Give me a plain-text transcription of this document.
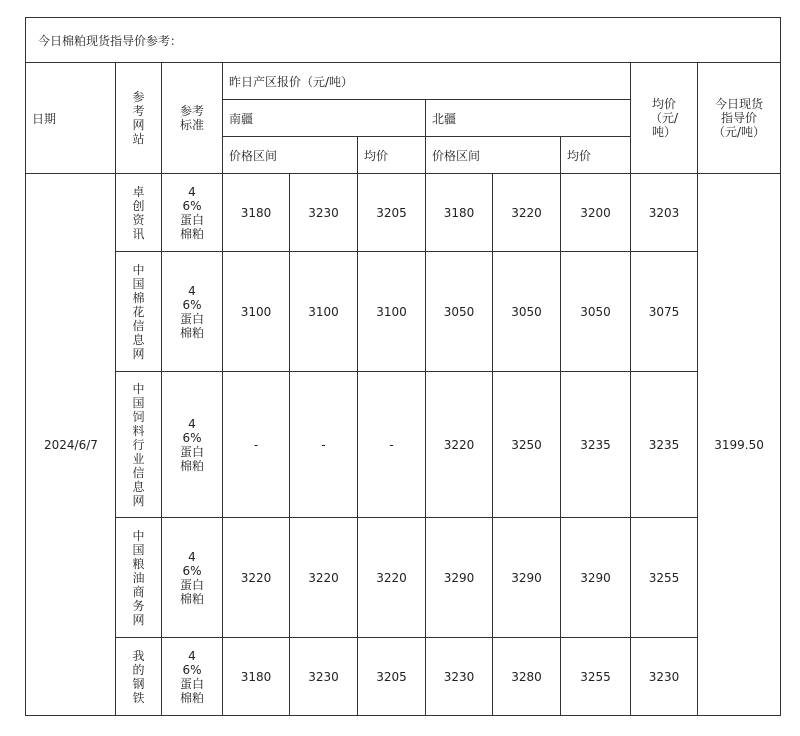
今日棉粕现货指导价参考：										
日期	参考网站	参考标准	昨日产区报价（元/吨）						均价（元/吨）	今日现货指导价（元/吨）
			南疆			北疆				
			价格区间		均价	价格区间		均价		
2024/6/7	卓创资讯	46%蛋白棉粕	3180	3230	3205	3180	3220	3200	3203	3199.50
	中国棉花信息网	46%蛋白棉粕	3100	3100	3100	3050	3050	3050	3075	
	中国饲料行业信息网	46%蛋白棉粕	-	-	-	3220	3250	3235	3235	
	中国粮油商务网	46%蛋白棉粕	3220	3220	3220	3290	3290	3290	3255	
	我的钢铁	46%蛋白棉粕	3180	3230	3205	3230	3280	3255	3230	
